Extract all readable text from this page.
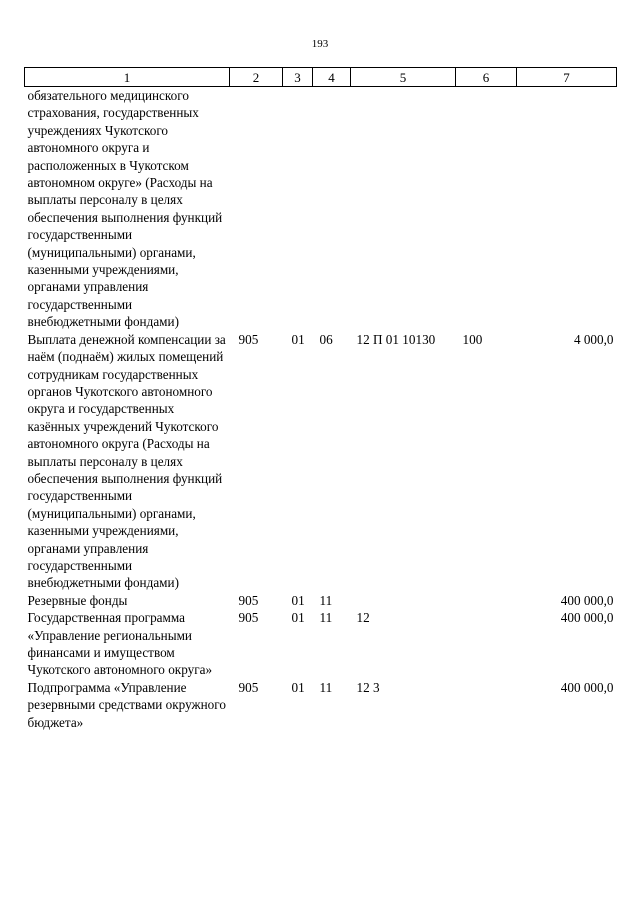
193
1	2	3	4	5	6	7
обязательного медицинского страхования, государственных учреждениях Чукотского автономного округа и расположенных в Чукотском автономном округе» (Расходы на выплаты персоналу в целях обеспечения выполнения функций государственными (муниципальными) органами, казенными учреждениями, органами управления государственными внебюджетными фондами)						
Выплата денежной компенсации за наём (поднаём) жилых помещений сотрудникам государственных органов Чукотского автономного округа и государственных казённых учреждений Чукотского автономного округа (Расходы на выплаты персоналу в целях обеспечения выполнения функций государственными (муниципальными) органами, казенными учреждениями, органами управления государственными внебюджетными фондами)	905	01	06	12 П 01 10130	100	4 000,0
Резервные фонды	905	01	11			400 000,0
Государственная программа «Управление региональными финансами и имуществом Чукотского автономного округа»	905	01	11	12		400 000,0
Подпрограмма «Управление резервными средствами окружного бюджета»	905	01	11	12 3		400 000,0
